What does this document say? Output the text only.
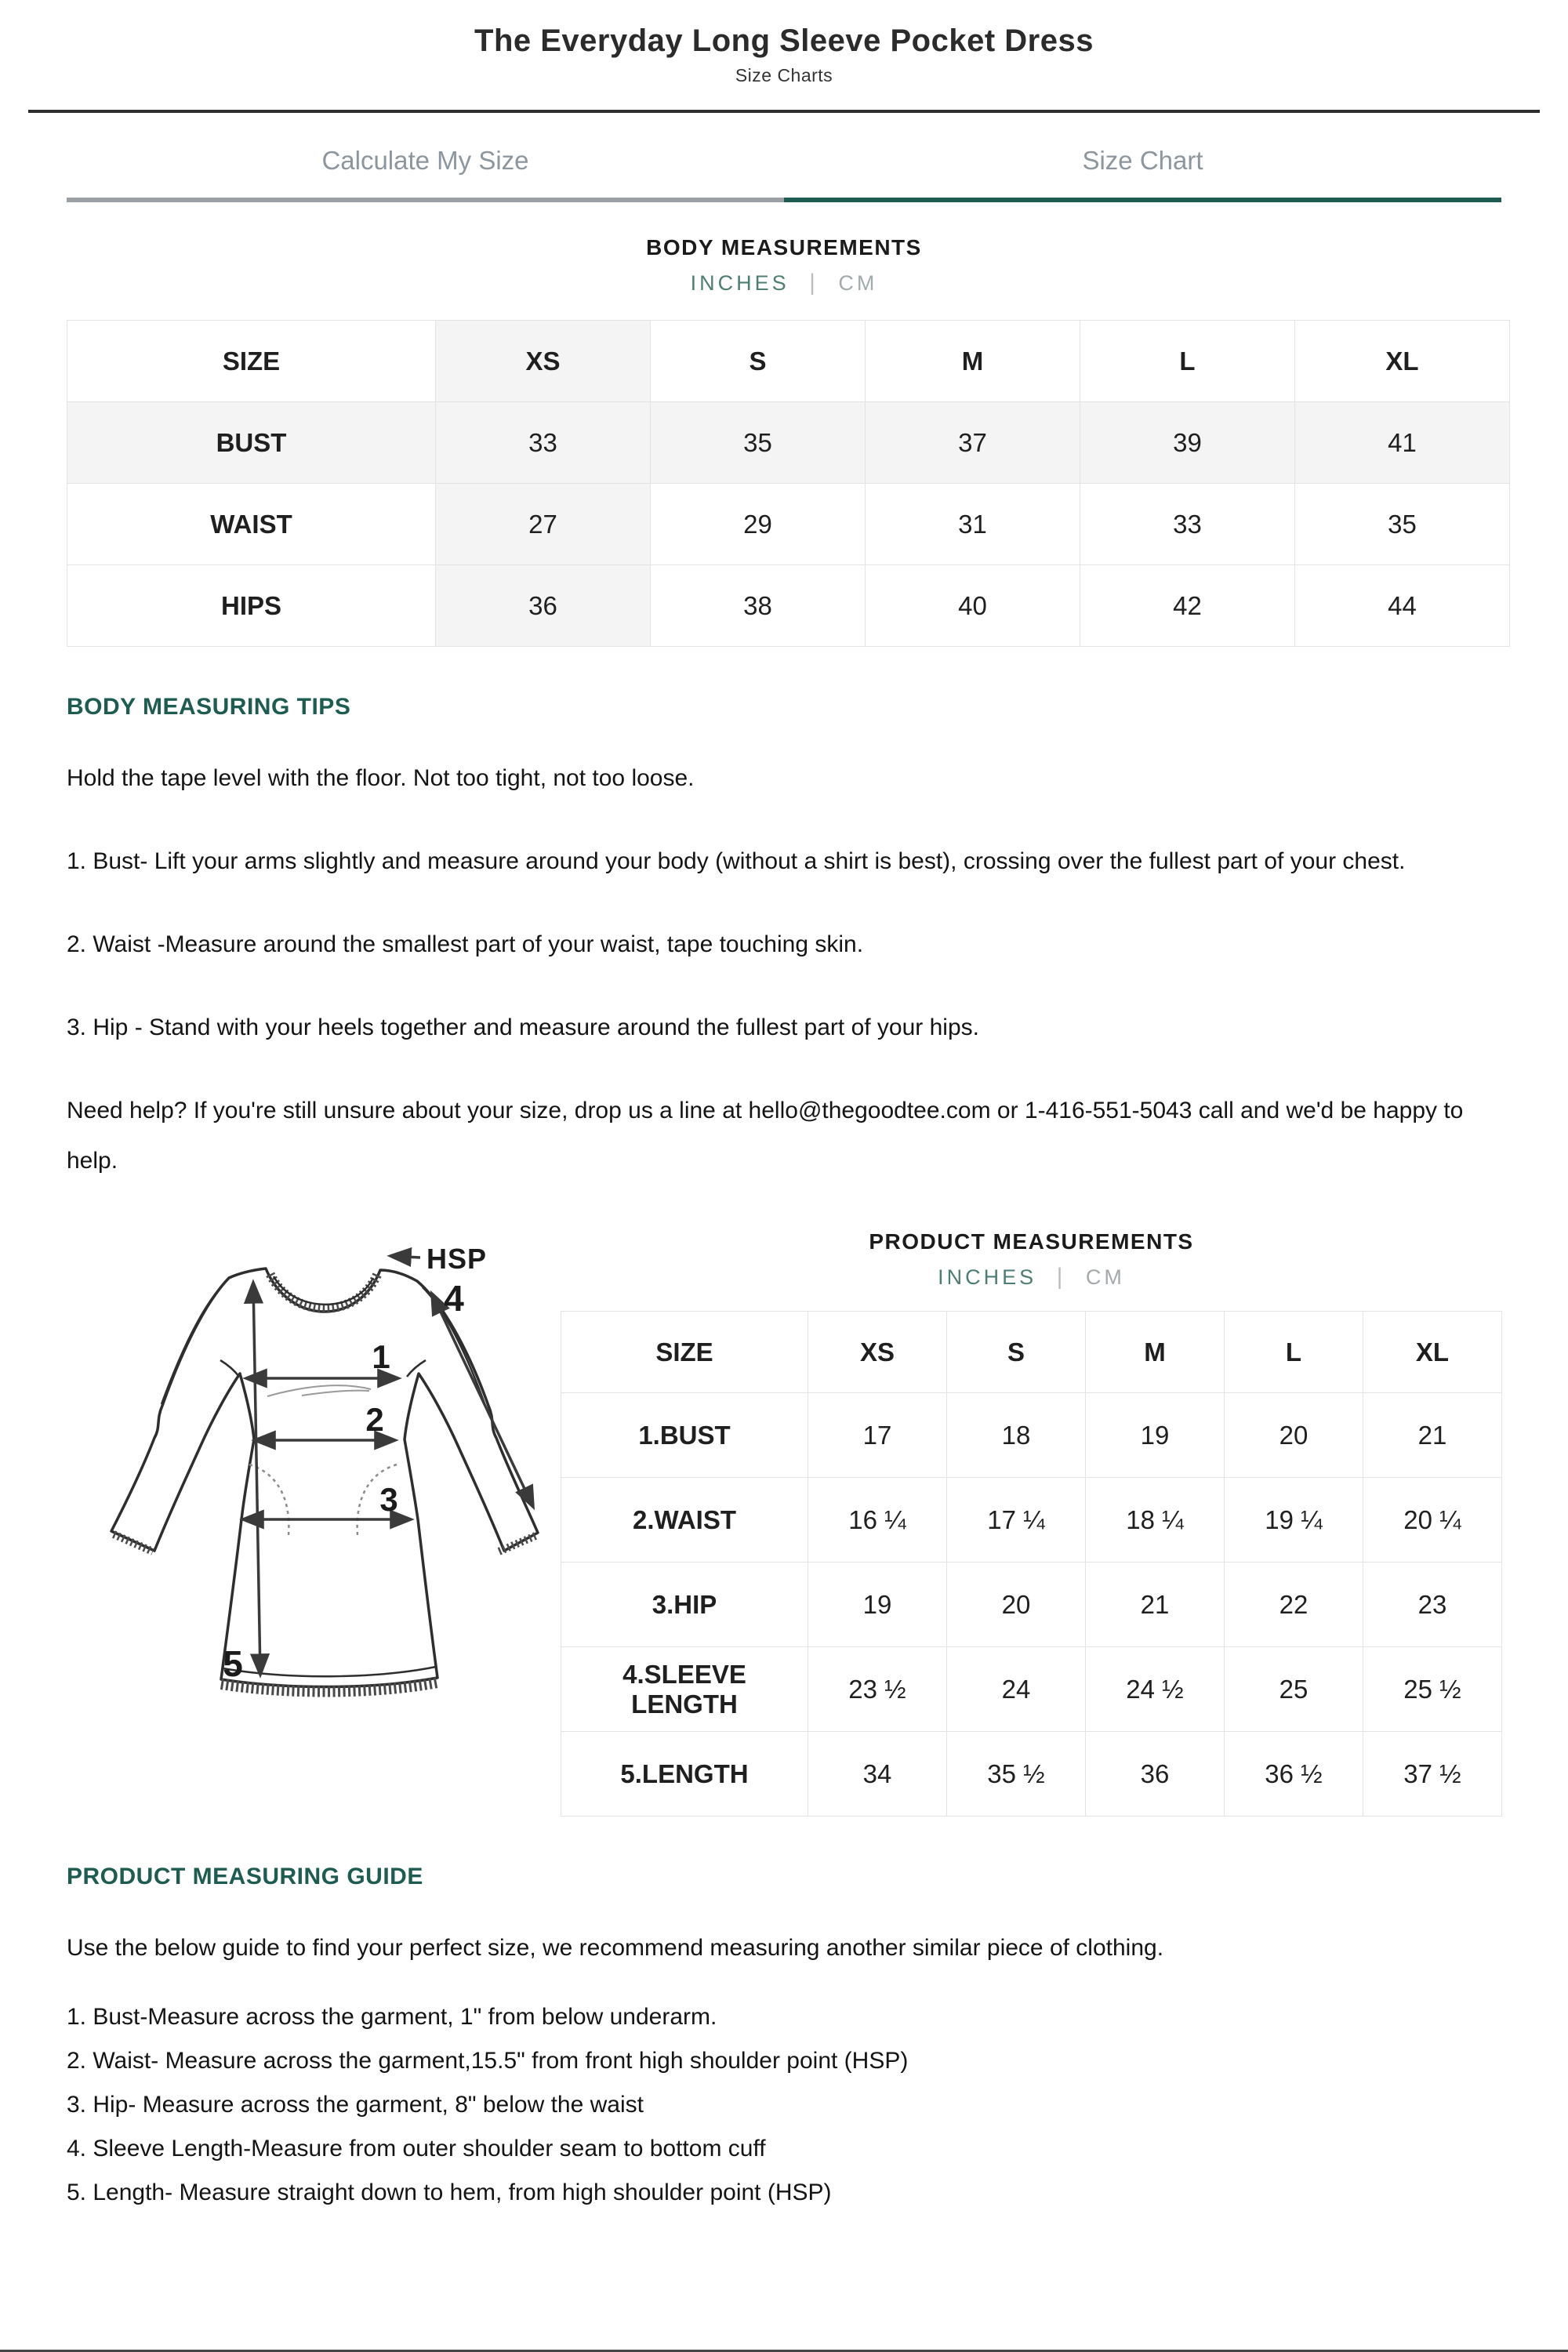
The Everyday Long Sleeve Pocket Dress
Size Charts
Calculate My Size	Size Chart
BODY MEASUREMENTS
INCHES | CM
SIZE	XS	S	M	L	XL
BUST	33	35	37	39	41
WAIST	27	29	31	33	35
HIPS	36	38	40	42	44
BODY MEASURING TIPS

Hold the tape level with the floor. Not too tight, not too loose.

1. Bust- Lift your arms slightly and measure around your body (without a shirt is best), crossing over the fullest part of your chest.

2. Waist -Measure around the smallest part of your waist, tape touching skin.

3. Hip - Stand with your heels together and measure around the fullest part of your hips.

Need help? If you're still unsure about your size, drop us a line at hello@thegoodtee.com or 1-416-551-5043 call and we'd be happy to help.

HSP
1
2
3
4
5
PRODUCT MEASUREMENTS
INCHES | CM
SIZE	XS	S	M	L	XL
1.BUST	17	18	19	20	21
2.WAIST	16 ¼	17 ¼	18 ¼	19 ¼	20 ¼
3.HIP	19	20	21	22	23
4.SLEEVE LENGTH	23 ½	24	24 ½	25	25 ½
5.LENGTH	34	35 ½	36	36 ½	37 ½
PRODUCT MEASURING GUIDE

Use the below guide to find your perfect size, we recommend measuring another similar piece of clothing.

1. Bust-Measure across the garment, 1" from below underarm.

2. Waist- Measure across the garment,15.5" from front high shoulder point (HSP)

3. Hip- Measure across the garment, 8" below the waist

4. Sleeve Length-Measure from outer shoulder seam to bottom cuff

5. Length- Measure straight down to hem, from high shoulder point (HSP)
